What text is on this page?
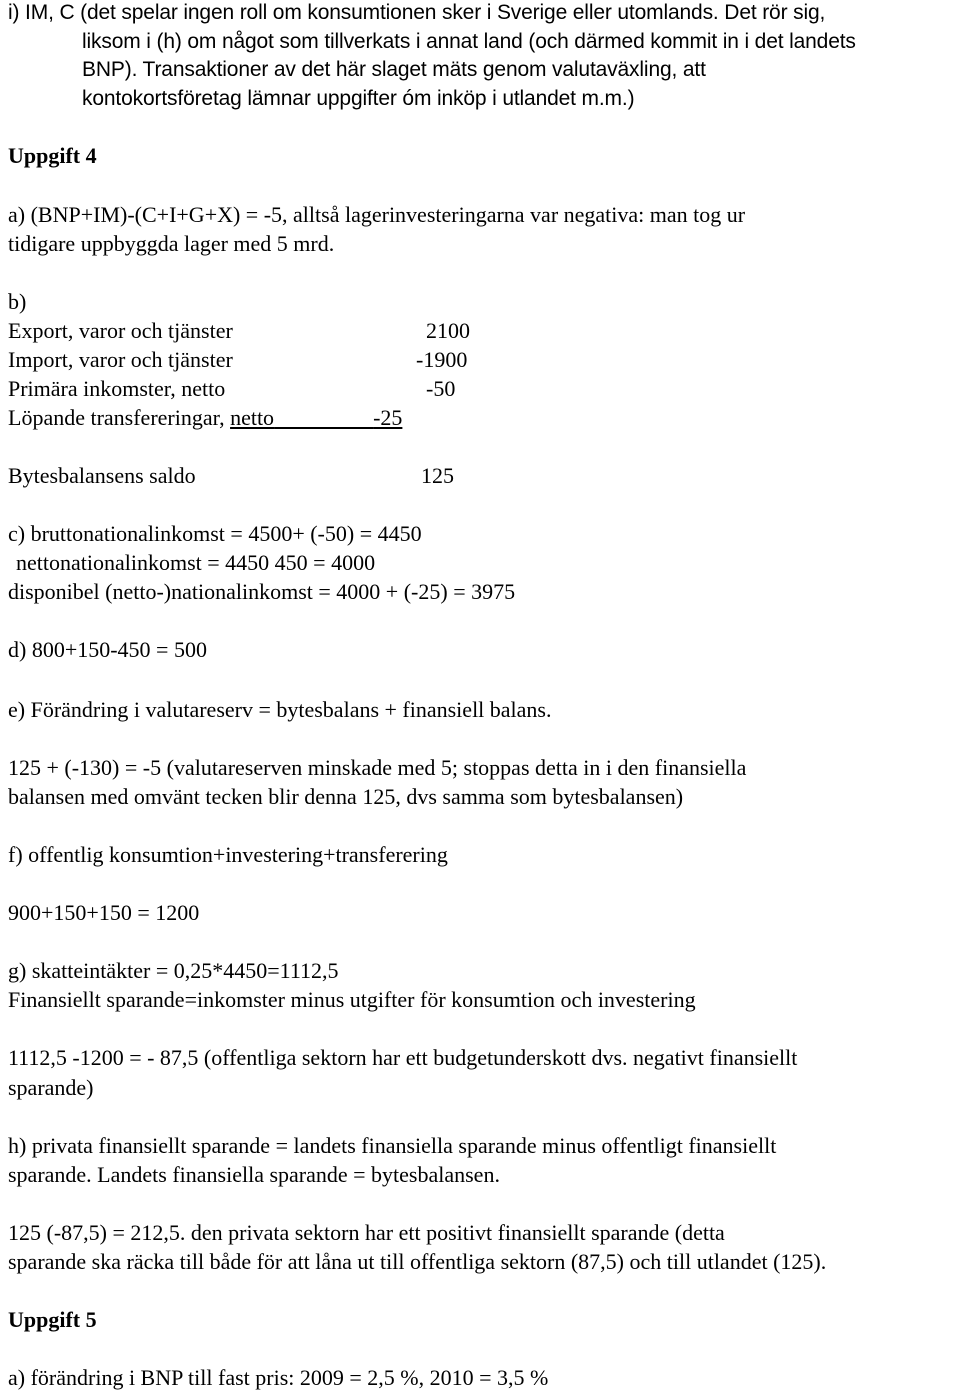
i) IM, C (det spelar ingen roll om konsumtionen sker i Sverige eller utomlands. Det rör sig,
liksom i (h) om något som tillverkats i annat land (och därmed kommit in i det landets
BNP). Transaktioner av det här slaget mäts genom valutaväxling, att
kontokortsföretag lämnar uppgifter óm inköp i utlandet m.m.)
Uppgift 4
a) (BNP+IM)-(C+I+G+X) = -5, alltså lagerinvesteringarna var negativa: man tog ur
tidigare uppbyggda lager med 5 mrd.
b)
Export, varor och tjänster	2100
Import, varor och tjänster	-1900
Primära inkomster, netto	-50
Löpande transfereringar, netto         	-25
Bytesbalansens saldo	125
c) bruttonationalinkomst = 4500+ (-50) = 4450
nettonationalinkomst = 4450 450 = 4000
disponibel (netto-)nationalinkomst = 4000 + (-25) = 3975
d) 800+150-450 = 500
e) Förändring i valutareserv = bytesbalans + finansiell balans.
125 + (-130) = -5 (valutareserven minskade med 5; stoppas detta in i den finansiella
balansen med omvänt tecken blir denna 125, dvs samma som bytesbalansen)
f) offentlig konsumtion+investering+transferering
900+150+150 = 1200
g) skatteintäkter = 0,25*4450=1112,5
Finansiellt sparande=inkomster minus utgifter för konsumtion och investering
1112,5 -1200 = - 87,5 (offentliga sektorn har ett budgetunderskott dvs. negativt finansiellt
sparande)
h) privata finansiellt sparande = landets finansiella sparande minus offentligt finansiellt
sparande. Landets finansiella sparande = bytesbalansen.
125 (-87,5) = 212,5. den privata sektorn har ett positivt finansiellt sparande (detta
sparande ska räcka till både för att låna ut till offentliga sektorn (87,5) och till utlandet (125).
Uppgift 5
a) förändring i BNP till fast pris: 2009 = 2,5 %, 2010 = 3,5 %
